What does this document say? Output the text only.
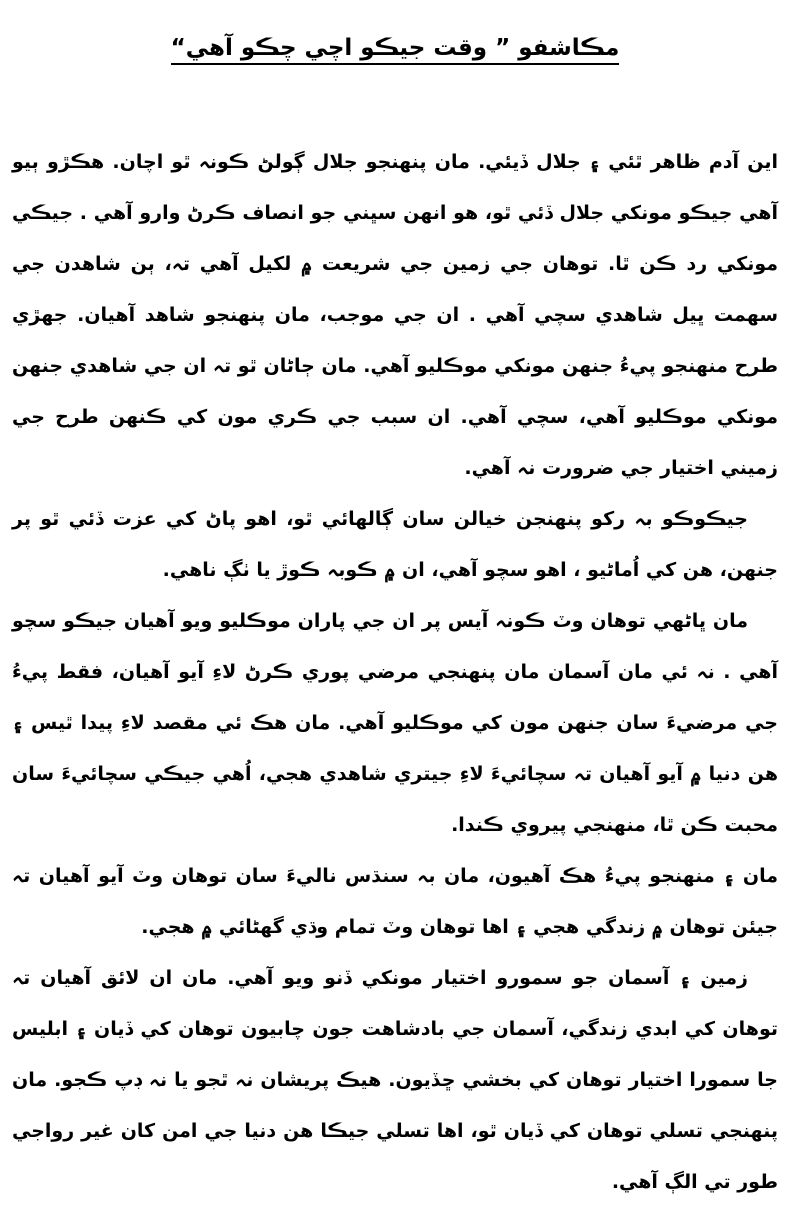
مڪاشفو ” وقت جيڪو اچي چڪو آهي“

اين آدم ظاھر ٿئي ۽ جلال ڏيئي. مان پنھنجو جلال ڳولڻ ڪونہ ٿو اچان. ھڪڙو ٻيو آھي جيڪو مونکي جلال ڏئي ٿو، ھو انھن سڀني جو انصاف ڪرڻ وارو آھي . جيڪي مونکي رد ڪن ٿا. توھان جي زمين جي شريعت ۾ لکيل آھي تہ، ٻن شاھدن جي سھمت ڀيل شاھدي سچي آھي . ان جي موجب، مان پنھنجو شاھد آھيان. جھڙي طرح منھنجو پيءُ جنھن مونکي موڪليو آھي. مان ڄاڻان ٿو تہ ان جي شاھدي جنھن مونکي موڪليو آھي، سچي آھي. ان سبب جي ڪري مون کي ڪنھن طرح جي زميني اختيار جي ضرورت نہ آھي.

جيڪوڪو بہ رکو پنھنجن خيالن سان ڳالھائي ٿو، اھو پاڻ کي عزت ڏئي ٿو پر جنھن، ھن کي اُماڻيو ، اھو سچو آھي، ان ۾ ڪوبہ ڪوڙ يا ٺڳ ناھي.

مان ڀاڻھي توھان وٽ ڪونہ آيس پر ان جي پاران موڪليو ويو آھيان جيڪو سچو آھي . نہ ئي مان آسمان مان پنھنجي مرضي پوري ڪرڻ لاءِ آيو آھيان، فقط پيءُ جي مرضيءَ سان جنھن مون کي موڪليو آھي. مان ھڪ ئي مقصد لاءِ پيدا ٿيس ۽ ھن دنيا ۾ آيو آھيان تہ سچائيءَ لاءِ جيتري شاھدي ھجي، اُھي جيڪي سچائيءَ سان محبت ڪن ٿا، منھنجي پيروي ڪندا.

مان ۽ منھنجو پيءُ ھڪ آھيون، مان بہ سنڌس ناليءَ سان توھان وٽ آيو آھيان تہ جيئن توھان ۾ زندگي ھجي ۽ اھا توھان وٽ تمام وڌي گھڻائي ۾ ھجي.

زمين ۽ آسمان جو سمورو اختيار مونکي ڏنو ويو آھي. مان ان لائق آھيان تہ توھان کي ابدي زندگي، آسمان جي بادشاھت جون چابيون توھان کي ڏيان ۽ ابليس جا سمورا اختيار توھان کي بخشي ڇڏيون. ھيڪ پريشان نہ ٿجو يا نہ ڊپ ڪجو. مان پنھنجي تسلي توھان کي ڏيان ٿو، اھا تسلي جيڪا ھن دنيا جي امن کان غير رواجي طور تي الڳ آھي.
